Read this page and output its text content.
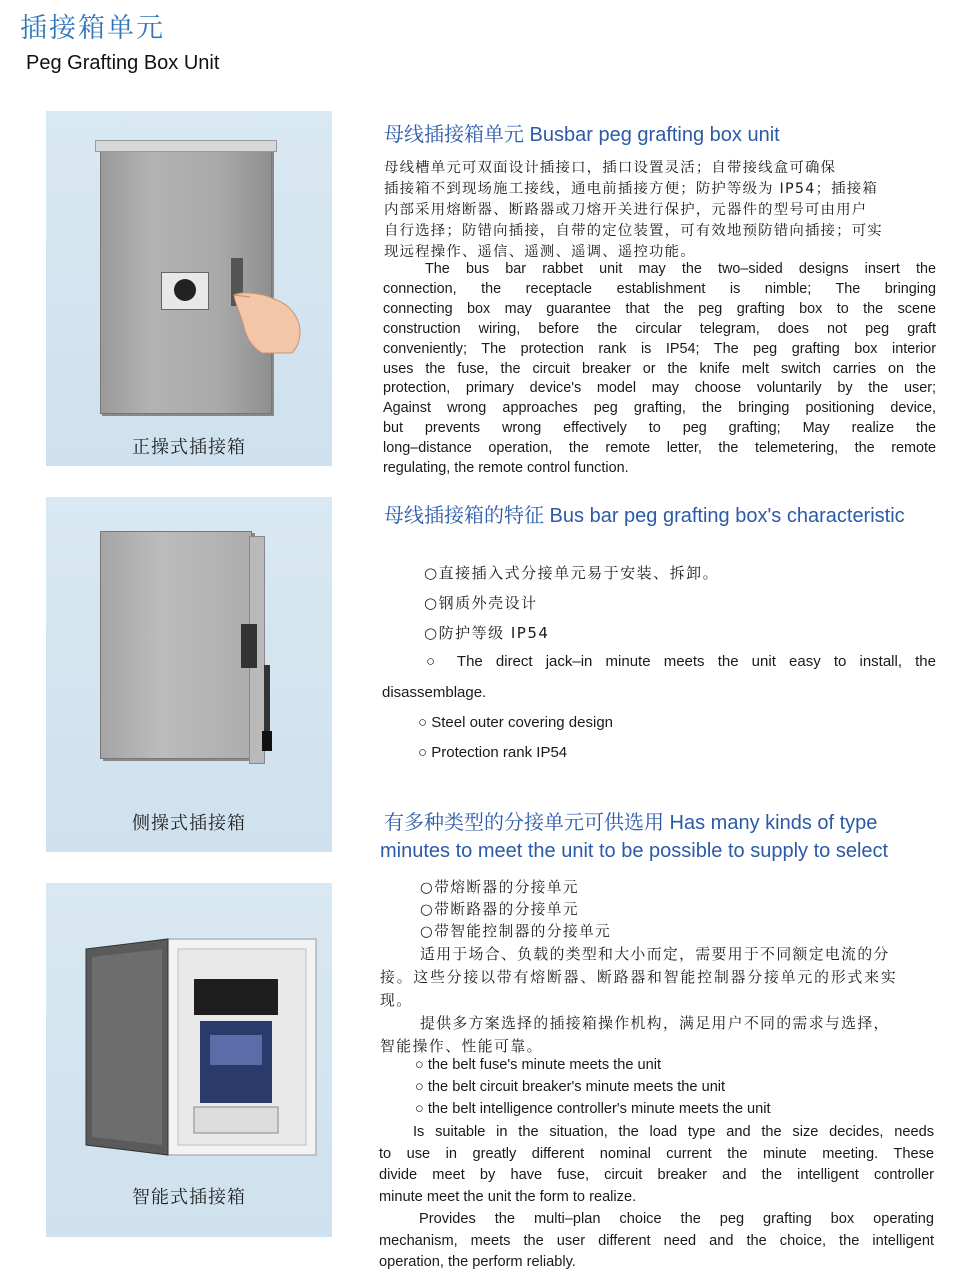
插接箱单元
Peg Grafting Box Unit
正操式插接箱
侧操式插接箱
智能式插接箱
母线插接箱单元 Busbar peg grafting box unit
母线槽单元可双面设计插接口，插口设置灵活；自带接线盒可确保
插接箱不到现场施工接线，通电前插接方便；防护等级为 IP54；插接箱
内部采用熔断器、断路器或刀熔开关进行保护，元器件的型号可由用户
自行选择；防错向插接，自带的定位装置，可有效地预防错向插接；可实
现远程操作、遥信、遥测、遥调、遥控功能。
The bus bar rabbet unit may the two–sided designs insert the
connection, the receptacle establishment is nimble; The bringing
connecting box may guarantee that the peg grafting box to the scene
construction wiring, before the circular telegram, does not peg graft
conveniently; The protection rank is IP54; The peg grafting box interior
uses the fuse, the circuit breaker or the knife melt switch carries on the
protection, primary device's model may choose voluntarily by the user;
Against wrong approaches peg grafting, the bringing positioning device,
but prevents wrong effectively to peg grafting; May realize the
long–distance operation, the remote letter, the telemetering, the remote
regulating, the remote control function.
母线插接箱的特征 Bus bar peg grafting box's characteristic
○直接插入式分接单元易于安装、拆卸。
○钢质外壳设计
○防护等级 IP54
○ The direct jack–in minute meets the unit easy to install, the
disassemblage.
○ Steel outer covering design
○ Protection rank IP54
有多种类型的分接单元可供选用 Has many kinds of type
minutes to meet the unit to be possible to supply to select
○带熔断器的分接单元
○带断路器的分接单元
○带智能控制器的分接单元
适用于场合、负载的类型和大小而定，需要用于不同额定电流的分
接。这些分接以带有熔断器、断路器和智能控制器分接单元的形式来实
现。
提供多方案选择的插接箱操作机构，满足用户不同的需求与选择，
智能操作、性能可靠。
○ the belt fuse's minute meets the unit
○ the belt circuit breaker's minute meets the unit
○ the belt intelligence controller's minute meets the unit
Is suitable in the situation, the load type and the size decides, needs
to use in greatly different nominal current the minute meeting. These
divide meet by have fuse, circuit breaker and the intelligent controller
minute meet the unit the form to realize.
Provides the multi–plan choice the peg grafting box operating
mechanism, meets the user different need and the choice, the intelligent
operation, the perform reliably.
